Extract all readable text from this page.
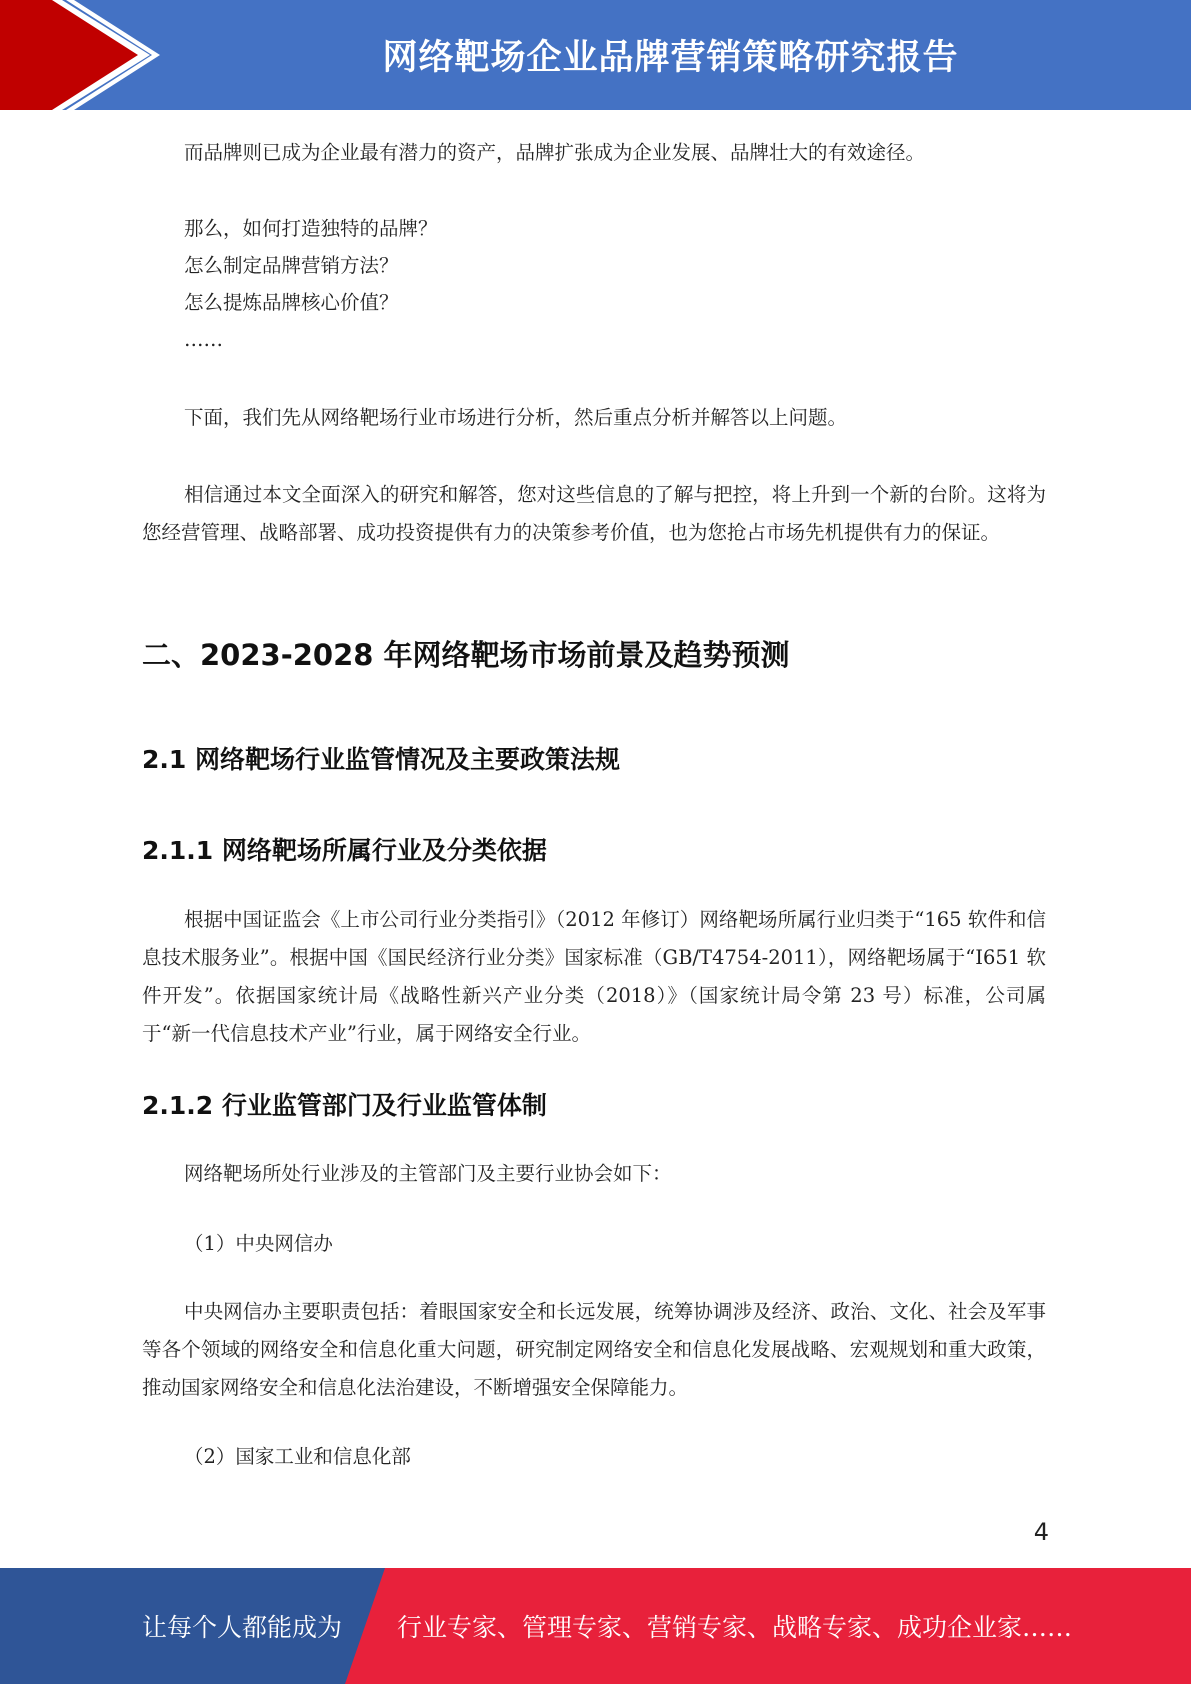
网络靶场企业品牌营销策略研究报告

而品牌则已成为企业最有潜力的资产，品牌扩张成为企业发展、品牌壮大的有效途径。

那么，如何打造独特的品牌？

怎么制定品牌营销方法？

怎么提炼品牌核心价值？

……

下面，我们先从网络靶场行业市场进行分析，然后重点分析并解答以上问题。

相信通过本文全面深入的研究和解答，您对这些信息的了解与把控，将上升到一个新的台阶。这将为您经营管理、战略部署、成功投资提供有力的决策参考价值，也为您抢占市场先机提供有力的保证。

二、2023-2028 年网络靶场市场前景及趋势预测
2.1 网络靶场行业监管情况及主要政策法规
2.1.1 网络靶场所属行业及分类依据

根据中国证监会《上市公司行业分类指引》（2012 年修订）网络靶场所属行业归类于“165 软件和信息技术服务业”。根据中国《国民经济行业分类》国家标准（GB/T4754-2011），网络靶场属于“I651 软件开发”。依据国家统计局《战略性新兴产业分类（2018）》（国家统计局令第 23 号）标准，公司属于“新一代信息技术产业”行业，属于网络安全行业。

2.1.2 行业监管部门及行业监管体制

网络靶场所处行业涉及的主管部门及主要行业协会如下：

（1）中央网信办

中央网信办主要职责包括：着眼国家安全和长远发展，统筹协调涉及经济、政治、文化、社会及军事等各个领域的网络安全和信息化重大问题，研究制定网络安全和信息化发展战略、宏观规划和重大政策，推动国家网络安全和信息化法治建设，不断增强安全保障能力。

（2）国家工业和信息化部

4
让每个人都能成为 行业专家、管理专家、营销专家、战略专家、成功企业家……
